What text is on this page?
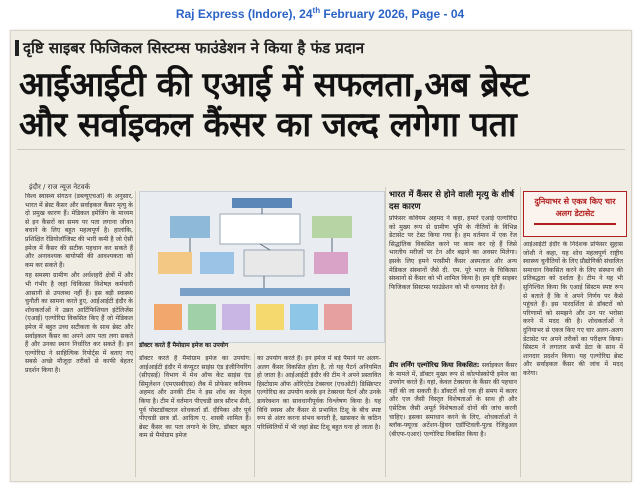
Raj Express (Indore), 24th February 2026, Page - 04
दृष्टि साइबर फिजिकल सिस्टम्स फाउंडेशन ने किया है फंड प्रदान
आईआईटी की एआई में सफलता,अब ब्रेस्ट
और सर्वाइकल कैंसर का जल्द लगेगा पता
इंदौर / राज न्यूज नेटवर्क

विश्व स्वास्थ्य संगठन (डब्ल्यूएचओ) के अनुसार, भारत में ब्रेस्ट कैंसर और सर्वाइकल कैंसर मृत्यु के दो प्रमुख कारण हैं। मेडिकल इमेजिंग के माध्यम से इन कैंसरों का समय पर पता लगाना जीवन बचाने के लिए बहुत महत्वपूर्ण है। हालांकि, प्रशिक्षित रेडियोलॉजिस्ट की भारी कमी है जो ऐसी इमेज में कैंसर की सटीक पहचान कर सकते हैं और अनावश्यक बायोप्सी की आवश्यकता को कम कर सकते हैं।

यह समस्या ग्रामीण और अर्धशहरी क्षेत्रों में और भी गंभीर है जहां चिकित्सा विशेषज्ञ कर्मचारी आसानी से उपलब्ध नहीं हैं। इस बड़ी स्वास्थ्य चुनौती का सामना करते हुए, आईआईटी इंदौर के शोधकर्ताओं ने उन्नत आर्टिफिशियल इंटेलिजेंस (एआई) एल्गोरिद्म विकसित किए हैं जो मेडिकल इमेज में बहुत उच्च सटीकता के साथ ब्रेस्ट और सर्वाइकल कैंसर का अपने आप पता लगा सकते हैं और उनका स्थान निर्धारित कर सकते हैं। इन एल्गोरिद्म ने साहित्यिक रिपोर्ट्स में बताए गए सबसे अच्छे मौजूदा तरीकों से काफी बेहतर प्रदर्शन किया है।

डॉक्टर करते हैं मैमोग्राम इमेज का उपयोग
डॉक्टर करते हैं मैमोग्राम इमेज का उपयोग: आईआईटी इंदौर में कंप्यूटर साइंस एंड इंजीनियरिंग (सीएसई) विभाग में मेथ ऑफ केंट साइंस एंड सिमुलेशन (एमएसबीएस) लैब में प्रोफेसर कवियम अहमद और उनकी टीम ने इस शोध का नेतृत्व किया है। टीम में वर्तमान पीएचडी छात्र सौरभ सैनी, पूर्व पोस्टडॉक्टरल शोधकर्ता डॉ. दीपिका और पूर्व पीएचडी छात्र डॉ. आदित्य ए. शास्त्री शामिल हैं। ब्रेस्ट कैंसर का पता लगाने के लिए, डॉक्टर बहुत कम से मैमोग्राम इमेज
का उपयोग करते हैं। इन इमेज में बड़े पैमाने पर अलग-अलग कैंसर विकसित होता है, तो यह पैटर्न अनियमित हो जाता है। आईआईटी इंदौर की टीम ने अपने प्रस्तावित हिस्टोग्राम ऑफ ओरिएंटेड टेक्सचर (एचओटी) डिस्क्रिप्टर एल्गोरिद्म का उपयोग करके इन टेक्सचर पैटर्न और उनके डायरेक्शन का सावधानीपूर्वक विश्लेषण किया है। यह विधि स्वस्थ और कैंसर से प्रभावित टिशू के बीच स्पष्ट रूप से अंतर करना संभव बनाती है, खासकर के कठिन परिस्थितियों में भी जहां ब्रेस्ट टिशू बहुत घना हो जाता है।
भारत में कैंसर से होने वाली मृत्यु के शीर्ष दस कारण
प्रोफेसर कवियम अहमद ने कहा, हमारे एआई एल्गोरिद्म को मुख्य रूप से ग्रामीण भूमि के नीतियों के विभिन्न डेटासेट पर टेस्ट किया गया है। हम वर्तमान में एक रेंज सिद्धांतिक विकसित करने पर काम कर रहे हैं जिसे भारतीय मरीजों पर टेन और बढ़ाने का अवसर मिलेगा। इसके लिए हमने परसीमी कैंसर अस्पताल और अन्य मेडिकल संस्थानों जैसे दी. एम. पूरे भारत के चिकित्सा संस्थानों से कैंसर को भी शामिल किया है। हम दृष्टि साइबर फिजिकल सिस्टम्स फाउंडेशन को भी धन्यवाद देते हैं।
डीप लर्निंग एल्गोरिद्म किया विकसित: सर्वाइकल कैंसर के मामले में, डॉक्टर मुख्य रूप से कोल्पोस्कोपी इमेज का उपयोग करते हैं। यहां, केवल टेक्सचर के कैंसर की पहचान नहीं की जा सकती है। डॉक्टरों को एक ही समय में कलर और एज जैसी विस्तृत विशेषताओं के साथ ही और एसेटिक जैसी अमूर्त विशेषताओं दोनों की जांच करनी चाहिए। इसका समाधान करने के लिए, शोधकर्ताओं ने ब्लॉक-फ्यूज्ड अटेंशन-ड्रिवन एडॉप्टिवली-पूल्ड रेजिडुअल (बीएफ-एआर) एल्गोरिद्म विकसित किया है।
दुनियाभर से एकत्र किए चार अलग डेटासेट
आईआईटी इंदौर के निदेशक प्रोफेसर सुहास जोशी ने कहा, यह शोध महत्वपूर्ण राष्ट्रीय स्वास्थ्य चुनौतियों के लिए प्रौद्योगिकी संचालित समाधान विकसित करने के लिए संस्थान की प्रतिबद्धता को दर्शाता है। टीम ने यह भी सुनिश्चित किया कि एआई सिस्टम स्पष्ट रूप से बताते हैं कि वे अपने निर्णय पर कैसे पहुंचते हैं। इस पारदर्शिता से डॉक्टरों को परिणामों को समझने और उन पर भरोसा करने में मदद की है। शोधकर्ताओं ने दुनियाभर से एकत्र किए गए चार अलग-अलग डेटासेट पर अपने तरीकों का परीक्षण किया। सिस्टम ने लगातार सभी डेटा के साथ में शानदार प्रदर्शन किया। यह एल्गोरिद्म ब्रेस्ट और सर्वाइकल कैंसर की जांच में मदद करेगा।
